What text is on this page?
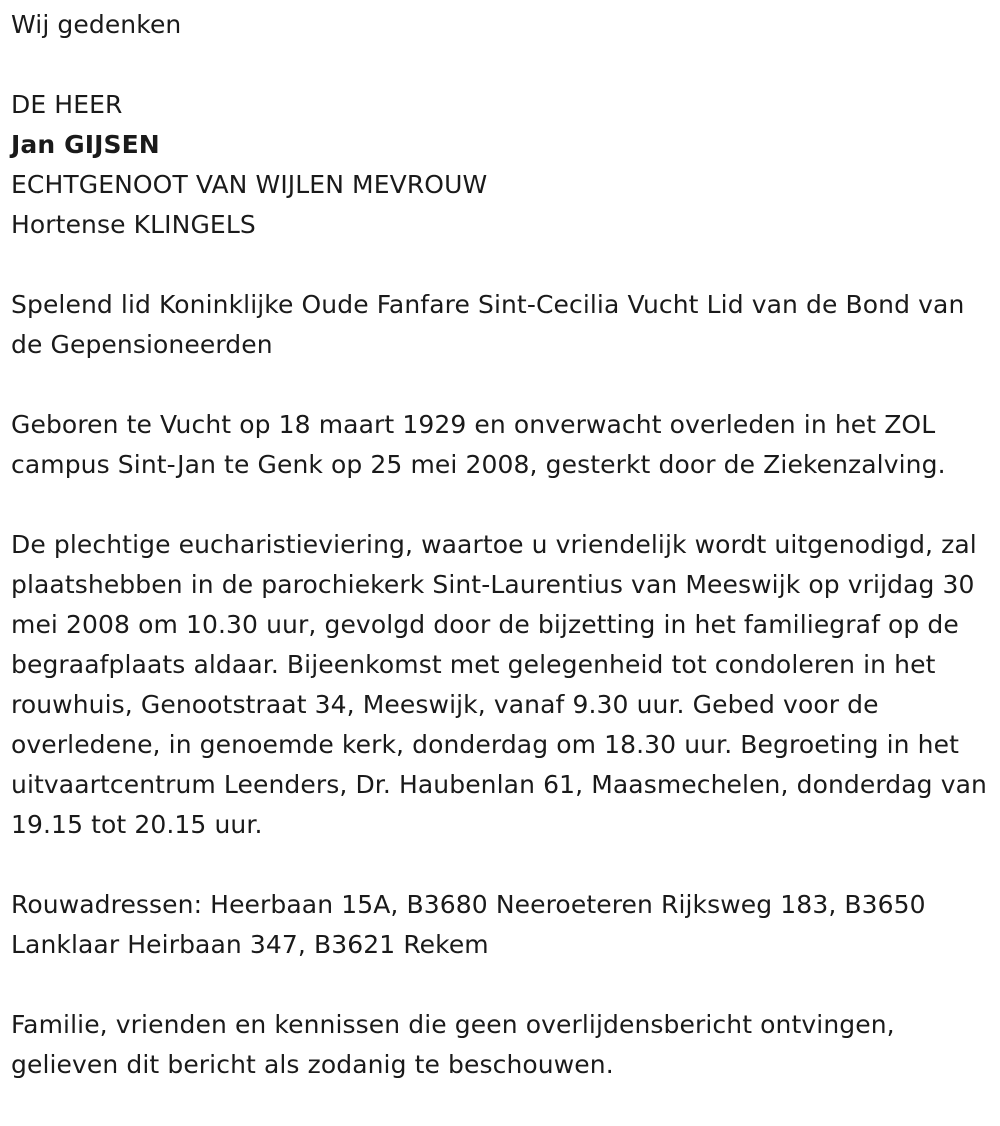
Wij gedenken

DE HEER

Jan GIJSEN

ECHTGENOOT VAN WIJLEN MEVROUW

Hortense KLINGELS

Spelend lid Koninklijke Oude Fanfare Sint-Cecilia Vucht Lid van de Bond van de Gepensioneerden

Geboren te Vucht op 18 maart 1929 en onverwacht overleden in het ZOL campus Sint-Jan te Genk op 25 mei 2008, gesterkt door de Ziekenzalving.

De plechtige eucharistieviering, waartoe u vriendelijk wordt uitgenodigd, zal plaatshebben in de parochiekerk Sint-Laurentius van Meeswijk op vrijdag 30 mei 2008 om 10.30 uur, gevolgd door de bijzetting in het familiegraf op de begraafplaats aldaar. Bijeenkomst met gelegenheid tot condoleren in het rouwhuis, Genootstraat 34, Meeswijk, vanaf 9.30 uur. Gebed voor de overledene, in genoemde kerk, donderdag om 18.30 uur. Begroeting in het uitvaartcentrum Leenders, Dr. Haubenlan 61, Maasmechelen, donderdag van 19.15 tot 20.15 uur.

Rouwadressen: Heerbaan 15A, B3680 Neeroeteren Rijksweg 183, B3650 Lanklaar Heirbaan 347, B3621 Rekem

Familie, vrienden en kennissen die geen overlijdensbericht ontvingen, gelieven dit bericht als zodanig te beschouwen.
